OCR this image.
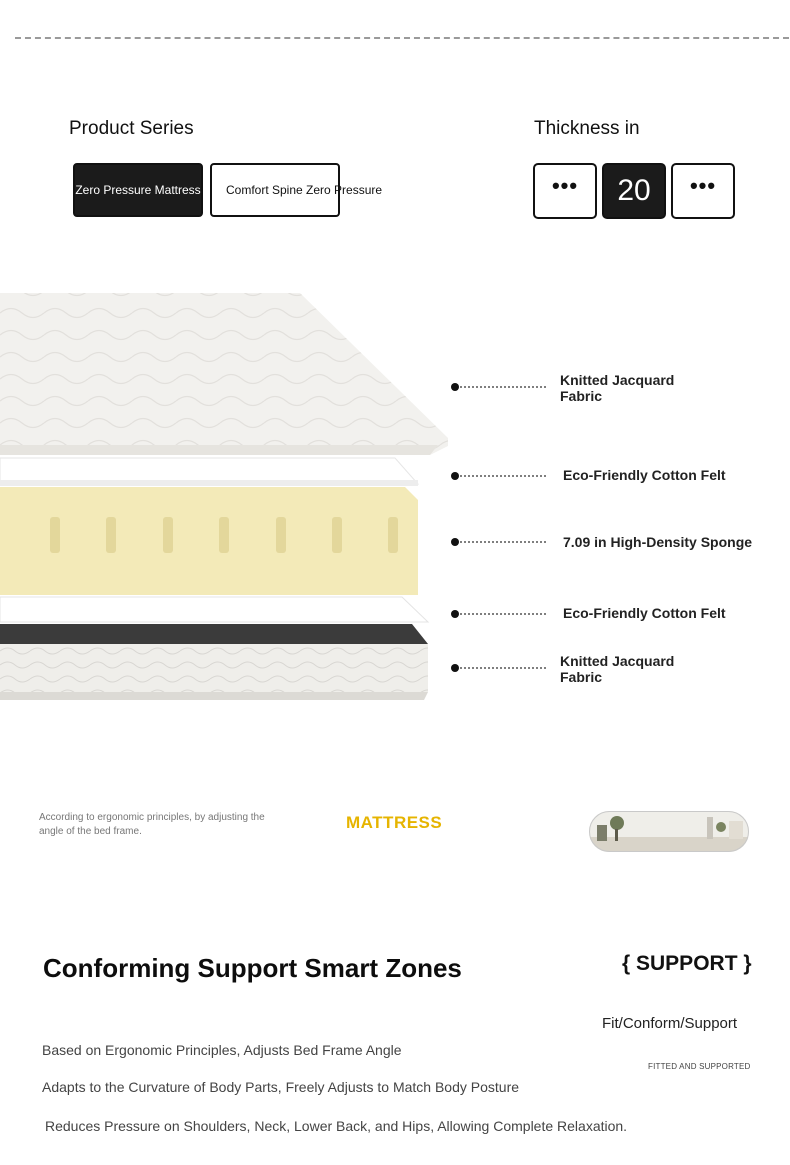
Product Series
Zero Pressure Mattress Comfort Spine Zero Pressure
Thickness in
••• 20 •••
Knitted Jacquard
Fabric
Eco-Friendly Cotton Felt
7.09 in High-Density Sponge
Eco-Friendly Cotton Felt
Knitted Jacquard
Fabric
According to ergonomic principles, by adjusting the
angle of the bed frame.	MATTRESS
Conforming Support Smart Zones	{ SUPPORT }
Fit/Conform/Support
FITTED AND SUPPORTED
Based on Ergonomic Principles, Adjusts Bed Frame Angle
Adapts to the Curvature of Body Parts, Freely Adjusts to Match Body Posture
Reduces Pressure on Shoulders, Neck, Lower Back, and Hips, Allowing Complete Relaxation.
